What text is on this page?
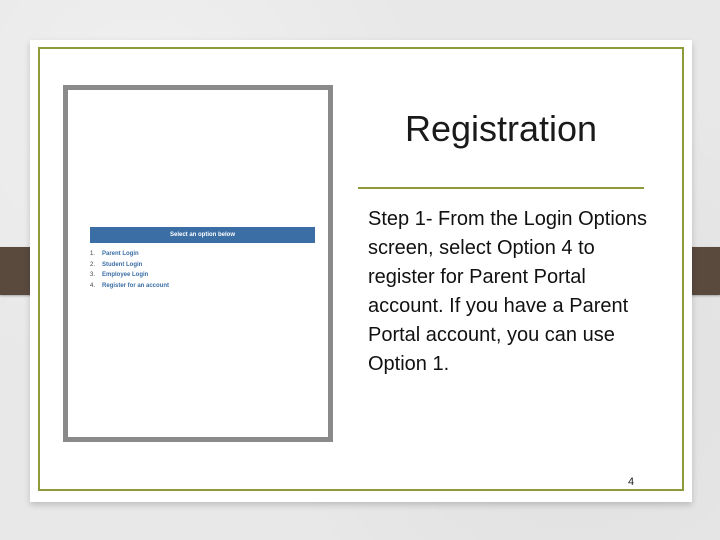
Select an option below
1. Parent Login
2. Student Login
3. Employee Login
4. Register for an account
Registration

Step 1- From the Login Options screen, select Option 4 to register for Parent Portal account. If you have a Parent Portal account, you can use Option 1.

4
